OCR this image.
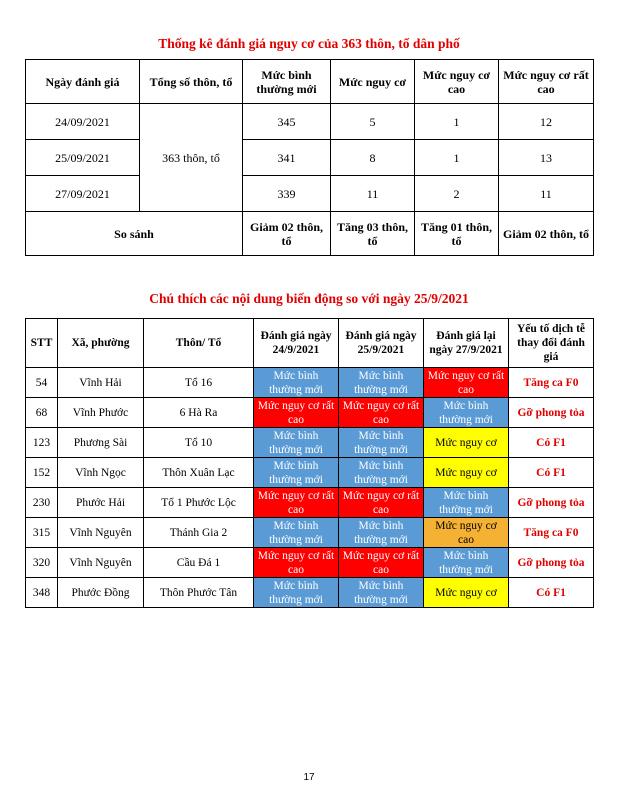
Thống kê đánh giá nguy cơ của 363 thôn, tổ dân phố
Ngày đánh giá	Tổng số thôn, tổ	Mức bình thường mới	Mức nguy cơ	Mức nguy cơ cao	Mức nguy cơ rất cao
24/09/2021	363 thôn, tổ	345	5	1	12
25/09/2021		341	8	1	13
27/09/2021		339	11	2	11
So sánh		Giảm 02 thôn, tổ	Tăng 03 thôn, tổ	Tăng 01 thôn, tổ	Giảm 02 thôn, tổ
Chú thích các nội dung biến động so với ngày 25/9/2021
STT	Xã, phường	Thôn/ Tổ	Đánh giá ngày 24/9/2021	Đánh giá ngày 25/9/2021	Đánh giá lại ngày 27/9/2021	Yếu tố dịch tễ thay đổi đánh giá
54	Vĩnh Hải	Tổ 16	Mức bình thường mới	Mức bình thường mới	Mức nguy cơ rất cao	Tăng ca F0
68	Vĩnh Phước	6 Hà Ra	Mức nguy cơ rất cao	Mức nguy cơ rất cao	Mức bình thường mới	Gỡ phong tỏa
123	Phương Sài	Tổ 10	Mức bình thường mới	Mức bình thường mới	Mức nguy cơ	Có F1
152	Vĩnh Ngọc	Thôn Xuân Lạc	Mức bình thường mới	Mức bình thường mới	Mức nguy cơ	Có F1
230	Phước Hải	Tổ 1 Phước Lộc	Mức nguy cơ rất cao	Mức nguy cơ rất cao	Mức bình thường mới	Gỡ phong tỏa
315	Vĩnh Nguyên	Thánh Gia 2	Mức bình thường mới	Mức bình thường mới	Mức nguy cơ cao	Tăng ca F0
320	Vĩnh Nguyên	Cầu Đá 1	Mức nguy cơ rất cao	Mức nguy cơ rất cao	Mức bình thường mới	Gỡ phong tỏa
348	Phước Đồng	Thôn Phước Tân	Mức bình thường mới	Mức bình thường mới	Mức nguy cơ	Có F1
17
